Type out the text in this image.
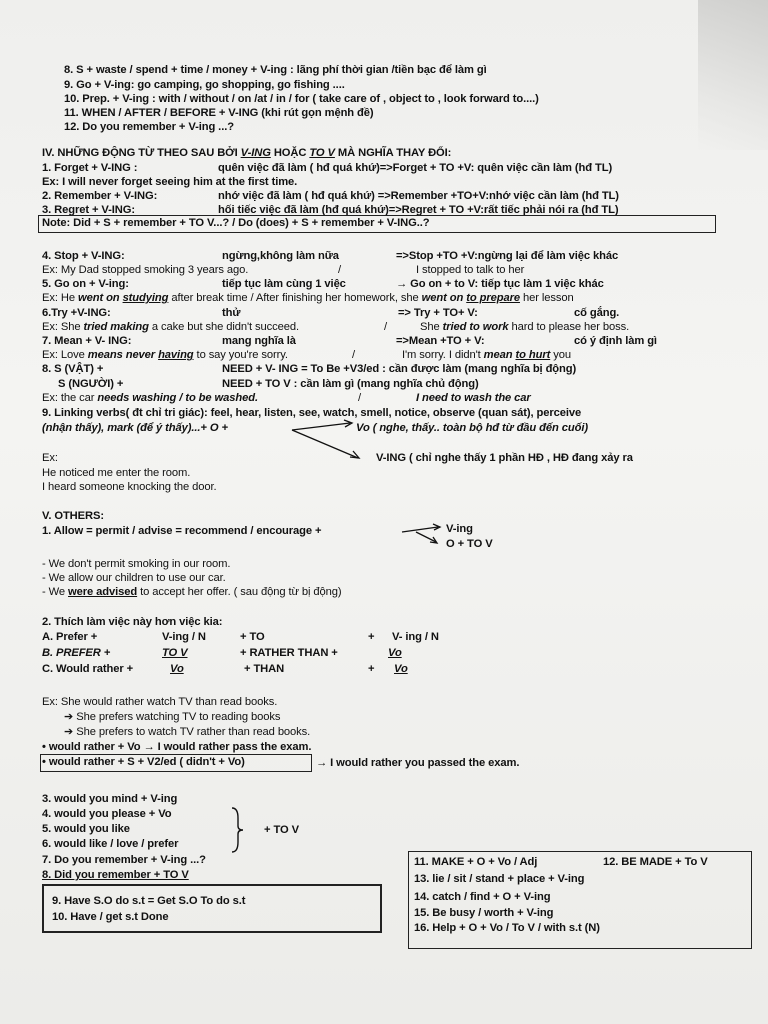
8. S + waste / spend + time / money + V-ing : lãng phí thời gian /tiền bạc để làm gì
9. Go + V-ing: go camping, go shopping, go fishing ....
10. Prep. + V-ing : with / without / on /at / in / for ( take care of , object to , look forward to....)
11. WHEN / AFTER / BEFORE + V-ING (khi rút gọn mệnh đề)
12. Do you remember + V-ing ...?
IV. NHỮNG ĐỘNG TỪ THEO SAU BỞI V-ING HOẶC TO V MÀ NGHĨA THAY ĐỔI:
1. Forget + V-ING :	quên việc đã làm ( hđ quá khứ)=>Forget + TO +V: quên việc cần làm (hđ TL)
Ex: I will never forget seeing him at the first time.
2. Remember + V-ING:	nhớ việc đã làm ( hđ quá khứ) =>Remember +TO+V:nhớ việc cần làm (hđ TL)
3. Regret + V-ING:	hối tiếc việc đã làm (hđ quá khứ)=>Regret + TO +V:rất tiếc phải nói ra (hđ TL)
Note: Did + S + remember + TO V...? / Do (does) + S + remember + V-ING..?
4. Stop + V-ING:	ngừng,không làm nữa	=>Stop +TO +V:ngừng lại để làm việc khác
Ex: My Dad stopped smoking 3 years ago.	/	I stopped to talk to her
5. Go on + V-ing:	tiếp tục làm cùng 1 việc	→ Go on + to V: tiếp tục làm 1 việc khác
Ex: He went on studying after break time / After finishing her homework, she went on to prepare her lesson
6.Try +V-ING:	thử	=> Try + TO+ V:	cố gắng.
Ex: She tried making a cake but she didn't succeed.	/	She tried to work hard to please her boss.
7. Mean + V- ING:	mang nghĩa là	=>Mean +TO + V:	có ý định làm gì
Ex: Love means never having to say you're sorry.	/	I'm sorry. I didn't mean to hurt you
8. S (VẬT) +	NEED + V- ING = To Be +V3/ed : cần được làm (mang nghĩa bị động)
S (NGƯỜI) +	NEED + TO V : cần làm gì (mang nghĩa chủ động)
Ex: the car needs washing / to be washed.	/	I need to wash the car
9. Linking verbs( đt chỉ tri giác): feel, hear, listen, see, watch, smell, notice, observe (quan sát), perceive
(nhận thấy), mark (để ý thấy)...+ O +	Vo ( nghe, thấy.. toàn bộ hđ từ đầu đến cuối)
Ex:	V-ING ( chỉ nghe thấy 1 phần HĐ , HĐ đang xảy ra
He noticed me enter the room.
I heard someone knocking the door.
V. OTHERS:
1. Allow = permit / advise = recommend / encourage +	V-ing
O + TO V
- We don't permit smoking in our room.
- We allow our children to use our car.
- We were advised to accept her offer. ( sau động từ bị động)
2. Thích làm việc này hơn việc kia:
A. Prefer +	V-ing / N	+ TO	+ V- ing / N
B. PREFER +	TO V	+ RATHER THAN +	Vo
C. Would rather +	Vo	+ THAN	+ Vo
Ex: She would rather watch TV than read books.
➔ She prefers watching TV to reading books
➔ She prefers to watch TV rather than read books.
• would rather + Vo → I would rather pass the exam.
• would rather + S + V2/ed ( didn't + Vo)	→ I would rather you passed the exam.
3. would you mind + V-ing
4. would you please + Vo
5. would you like
6. would like / love / prefer
+ TO V
7. Do you remember + V-ing ...?
8. Did you remember + TO V
9. Have S.O do s.t = Get S.O To do s.t
10. Have / get s.t Done
11. MAKE + O + Vo / Adj	12. BE MADE + To V
13. lie / sit / stand + place + V-ing
14. catch / find + O + V-ing
15. Be busy / worth + V-ing
16. Help + O + Vo / To V / with s.t (N)
